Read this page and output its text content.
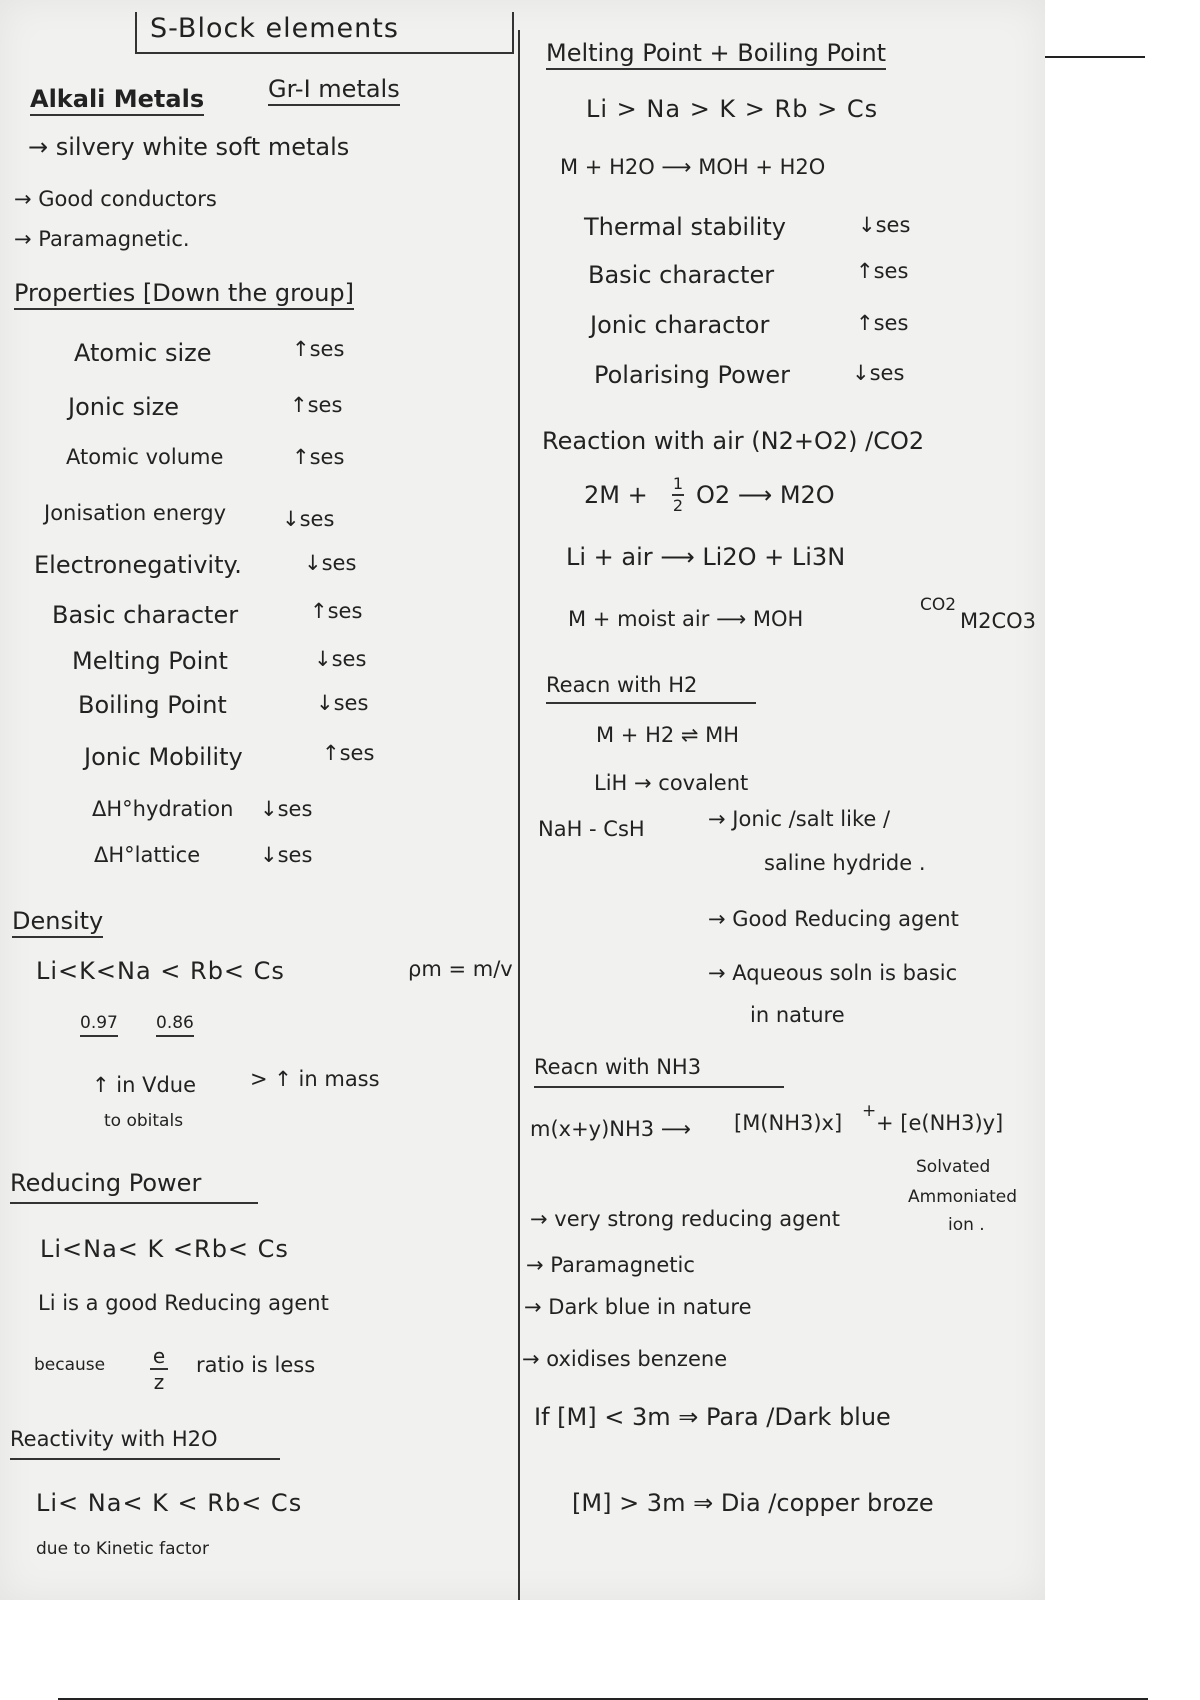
S-Block elements
Alkali Metals	Gr-I metals
→ silvery white soft metals
→ Good conductors
→ Paramagnetic.
Properties [Down the group]
Atomic size	↑ses
Jonic size	↑ses
Atomic volume	↑ses
Jonisation energy	↓ses
Electronegativity.	↓ses
Basic character	↑ses
Melting Point	↓ses
Boiling Point	↓ses
Jonic Mobility	↑ses
ΔH°hydration ↓ses
ΔH°lattice	↓ses
Density
Li<K<Na < Rb< Cs	ρm = m/v
0.97 0.86
↑ in Vdue
to obitals
> ↑ in mass
Reducing Power
Li<Na< K <Rb< Cs
Li is a good Reducing agent
because e
z
ratio is less
Reactivity with H2O
Li< Na< K < Rb< Cs
due to Kinetic factor
Melting Point + Boiling Point
Li > Na > K > Rb > Cs
M + H2O ⟶ MOH + H2O
Thermal stability	↓ses
Basic character	↑ses
Jonic charactor	↑ses
Polarising Power	↓ses
Reaction with air (N2+O2) /CO2
2M + 1
2 O2 ⟶ M2O
Li + air ⟶ Li2O + Li3N
M + moist air ⟶ MOH
CO2
M2CO3
Reacn with H2
M + H2 ⇌ MH
LiH → covalent
NaH - CsH	→ Jonic /salt like /
saline hydride .
→ Good Reducing agent
→ Aqueous soln is basic
in nature
Reacn with NH3
m(x+y)NH3 ⟶ [M(NH3)x] + + [e(NH3)y]
Solvated
Ammoniated
ion .
→ very strong reducing agent
→ Paramagnetic
→ Dark blue in nature
→ oxidises benzene
If [M] < 3m ⇒ Para /Dark blue
[M] > 3m ⇒ Dia /copper broze
